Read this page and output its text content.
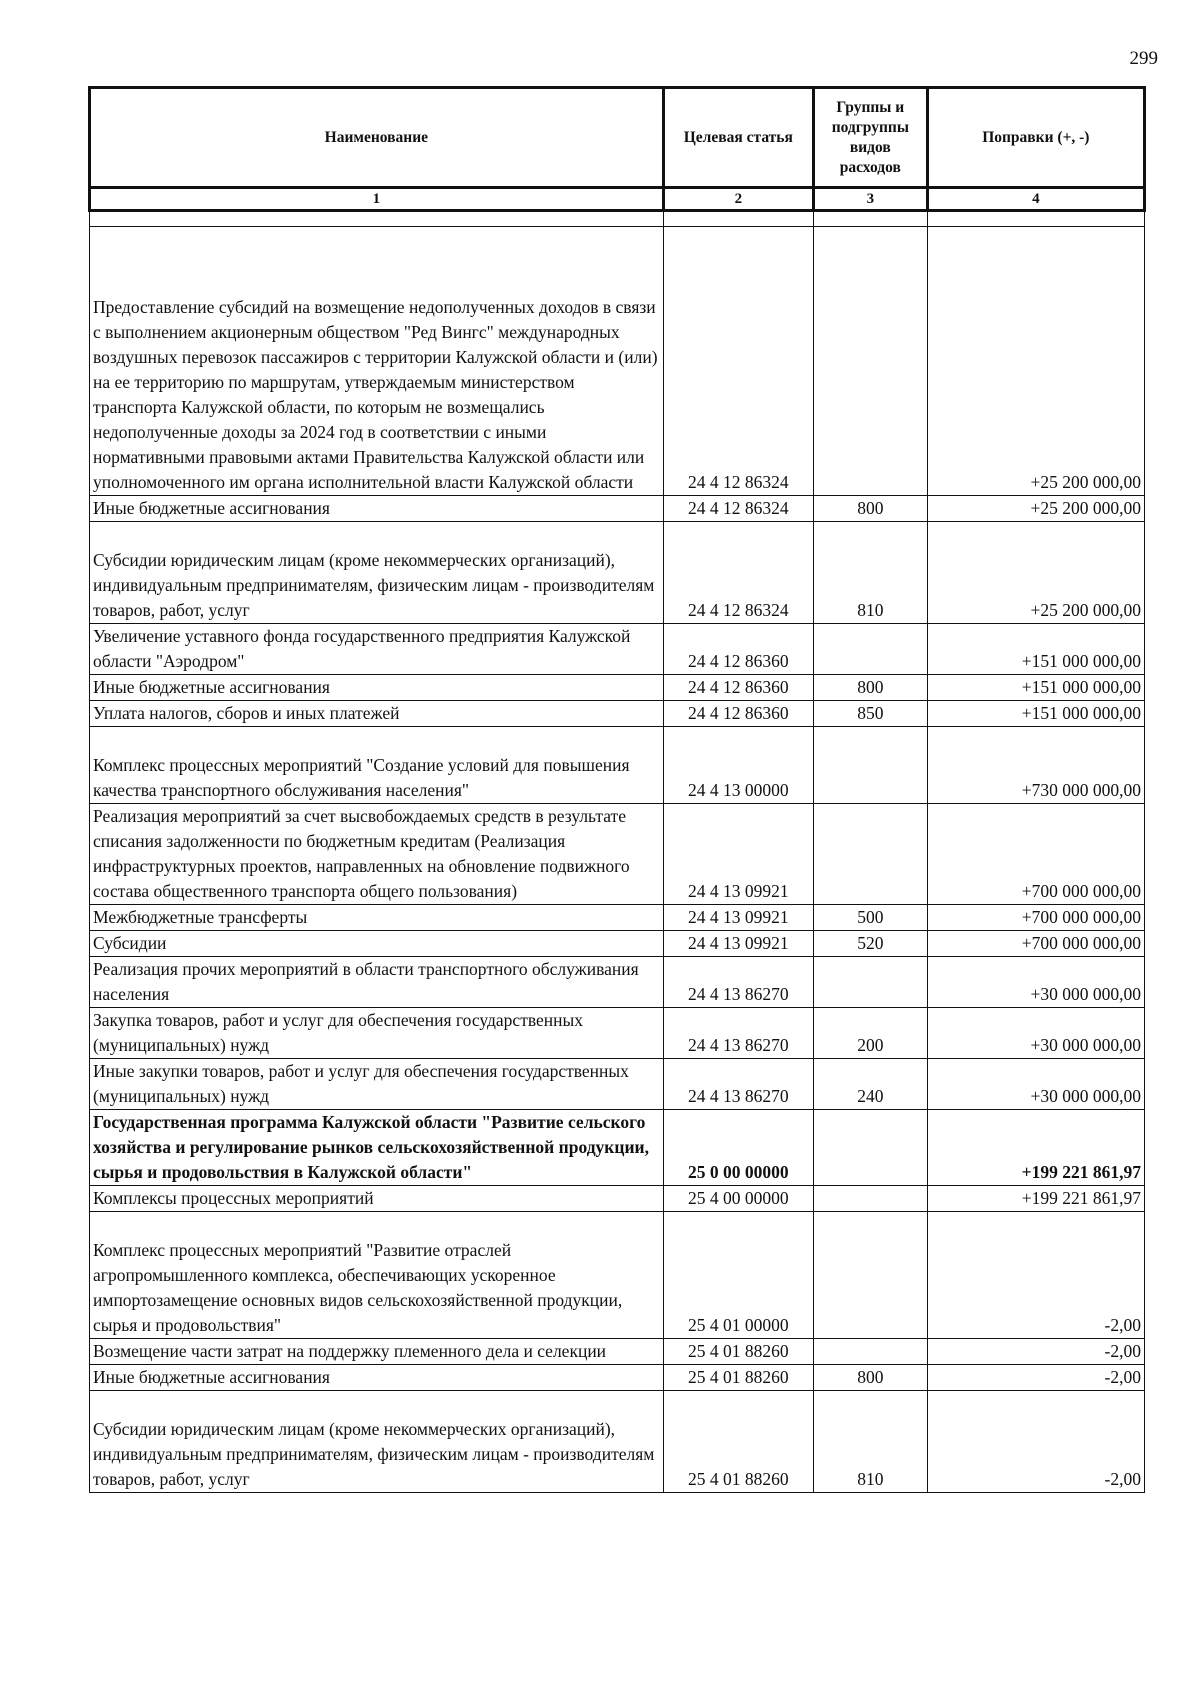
299
Наименование	Целевая статья	Группы и подгруппы видов расходов	Поправки (+, -)
1	2	3	4

Предоставление субсидий на возмещение недополученных доходов в связи с выполнением акционерным обществом "Ред Вингс" международных воздушных перевозок пассажиров с территории Калужской области и (или) на ее территорию по маршрутам, утверждаемым министерством транспорта Калужской области, по которым не возмещались недополученные доходы за 2024 год в соответствии с иными нормативными правовыми актами Правительства Калужской области или уполномоченного им органа исполнительной власти Калужской области	24 4 12 86324		+25 200 000,00
Иные бюджетные ассигнования	24 4 12 86324	800	+25 200 000,00
Субсидии юридическим лицам (кроме некоммерческих организаций), индивидуальным предпринимателям, физическим лицам - производителям товаров, работ, услуг	24 4 12 86324	810	+25 200 000,00
Увеличение уставного фонда государственного предприятия Калужской области "Аэродром"	24 4 12 86360		+151 000 000,00
Иные бюджетные ассигнования	24 4 12 86360	800	+151 000 000,00
Уплата налогов, сборов и иных платежей	24 4 12 86360	850	+151 000 000,00
Комплекс процессных мероприятий "Создание условий для повышения качества транспортного обслуживания населения"	24 4 13 00000		+730 000 000,00
Реализация мероприятий за счет высвобождаемых средств в результате списания задолженности по бюджетным кредитам (Реализация инфраструктурных проектов, направленных на обновление подвижного состава общественного транспорта общего пользования)	24 4 13 09921		+700 000 000,00
Межбюджетные трансферты	24 4 13 09921	500	+700 000 000,00
Субсидии	24 4 13 09921	520	+700 000 000,00
Реализация прочих мероприятий в области транспортного обслуживания населения	24 4 13 86270		+30 000 000,00
Закупка товаров, работ и услуг для обеспечения государственных (муниципальных) нужд	24 4 13 86270	200	+30 000 000,00
Иные закупки товаров, работ и услуг для обеспечения государственных (муниципальных) нужд	24 4 13 86270	240	+30 000 000,00
Государственная программа Калужской области "Развитие сельского хозяйства и регулирование рынков сельскохозяйственной продукции, сырья и продовольствия в Калужской области"	25 0 00 00000		+199 221 861,97
Комплексы процессных мероприятий	25 4 00 00000		+199 221 861,97
Комплекс процессных мероприятий "Развитие отраслей агропромышленного комплекса, обеспечивающих ускоренное импортозамещение основных видов сельскохозяйственной продукции, сырья и продовольствия"	25 4 01 00000		-2,00
Возмещение части затрат на поддержку племенного дела и селекции	25 4 01 88260		-2,00
Иные бюджетные ассигнования	25 4 01 88260	800	-2,00
Субсидии юридическим лицам (кроме некоммерческих организаций), индивидуальным предпринимателям, физическим лицам - производителям товаров, работ, услуг	25 4 01 88260	810	-2,00
